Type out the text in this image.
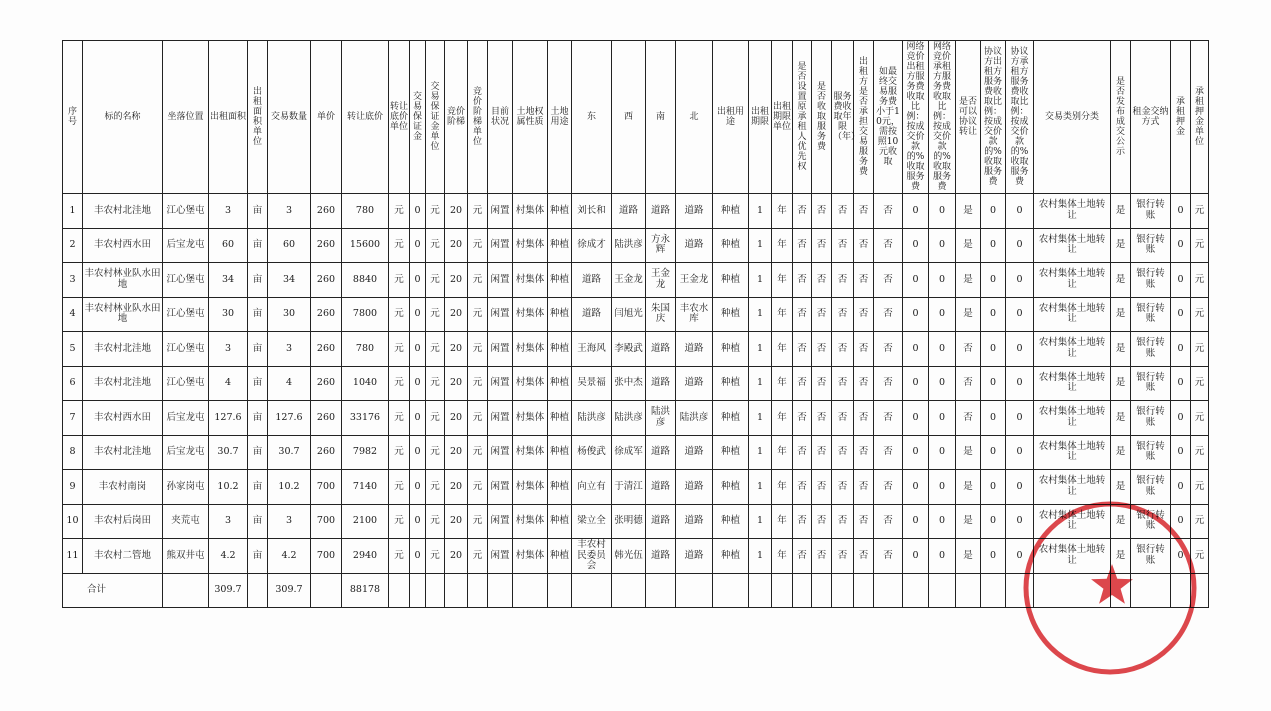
序号	标的名称	坐落位置	出租面积	出租面积单位	交易数量	单价	转让底价	转让底价单位	交易保证金	交易保证金单位	竞价阶梯	竞价阶梯单位	目前状况	土地权属性质	土地用途	东	西	南	北	出租用途	出租期限	出租期限单位	是否设置原承租人优先权	是否收取服务费	服务费收取年限（年）	出租方是否承担交易服务费	如最终交易服务费小于10元，需按照10元收取	网络竞价出租方服务费收取比例：按成交价款的%收取服务费	网络竞价承租方服务费收取比例：按成交价款的%收取服务费	是否可以协议转让	协议方出租方服务费收取比例：按成交价款的%收取服务费	协议方承租方服务费收取比例：按成交价款的%收取服务费	交易类别分类	是否发布成交公示	租金交纳方式	承租押金	承租押金单位
1	丰农村北洼地	江心堡屯	3	亩	3	260	780	元	0	元	20	元	闲置	村集体	种植	刘长和	道路	道路	道路	种植	1	年	否	否	否	否	否	0	0	是	0	0	农村集体土地转让	是	银行转账	0	元
2	丰农村西水田	后宝龙屯	60	亩	60	260	15600	元	0	元	20	元	闲置	村集体	种植	徐成才	陆洪彦	方永辉	道路	种植	1	年	否	否	否	否	否	0	0	是	0	0	农村集体土地转让	是	银行转账	0	元
3	丰农村林业队水田地	江心堡屯	34	亩	34	260	8840	元	0	元	20	元	闲置	村集体	种植	道路	王金龙	王金龙	王金龙	种植	1	年	否	否	否	否	否	0	0	是	0	0	农村集体土地转让	是	银行转账	0	元
4	丰农村林业队水田地	江心堡屯	30	亩	30	260	7800	元	0	元	20	元	闲置	村集体	种植	道路	闫旭光	朱国庆	丰农水库	种植	1	年	否	否	否	否	否	0	0	是	0	0	农村集体土地转让	是	银行转账	0	元
5	丰农村北洼地	江心堡屯	3	亩	3	260	780	元	0	元	20	元	闲置	村集体	种植	王海风	李殿武	道路	道路	种植	1	年	否	否	否	否	否	0	0	否	0	0	农村集体土地转让	是	银行转账	0	元
6	丰农村北洼地	江心堡屯	4	亩	4	260	1040	元	0	元	20	元	闲置	村集体	种植	吴景福	张中杰	道路	道路	种植	1	年	否	否	否	否	否	0	0	否	0	0	农村集体土地转让	是	银行转账	0	元
7	丰农村西水田	后宝龙屯	127.6	亩	127.6	260	33176	元	0	元	20	元	闲置	村集体	种植	陆洪彦	陆洪彦	陆洪彦	陆洪彦	种植	1	年	否	否	否	否	否	0	0	否	0	0	农村集体土地转让	是	银行转账	0	元
8	丰农村北洼地	后宝龙屯	30.7	亩	30.7	260	7982	元	0	元	20	元	闲置	村集体	种植	杨俊武	徐成军	道路	道路	种植	1	年	否	否	否	否	否	0	0	是	0	0	农村集体土地转让	是	银行转账	0	元
9	丰农村南岗	孙家岗屯	10.2	亩	10.2	700	7140	元	0	元	20	元	闲置	村集体	种植	向立有	于清江	道路	道路	种植	1	年	否	否	否	否	否	0	0	是	0	0	农村集体土地转让	是	银行转账	0	元
10	丰农村后岗田	夹荒屯	3	亩	3	700	2100	元	0	元	20	元	闲置	村集体	种植	梁立全	张明德	道路	道路	种植	1	年	否	否	否	否	否	0	0	是	0	0	农村集体土地转让	是	银行转账	0	元
11	丰农村二管地	熊双井屯	4.2	亩	4.2	700	2940	元	0	元	20	元	闲置	村集体	种植	丰农村民委员会	韩光伍	道路	道路	种植	1	年	否	否	否	否	否	0	0	是	0	0	农村集体土地转让	是	银行转账	0	元
合计			309.7		309.7		88178																														
